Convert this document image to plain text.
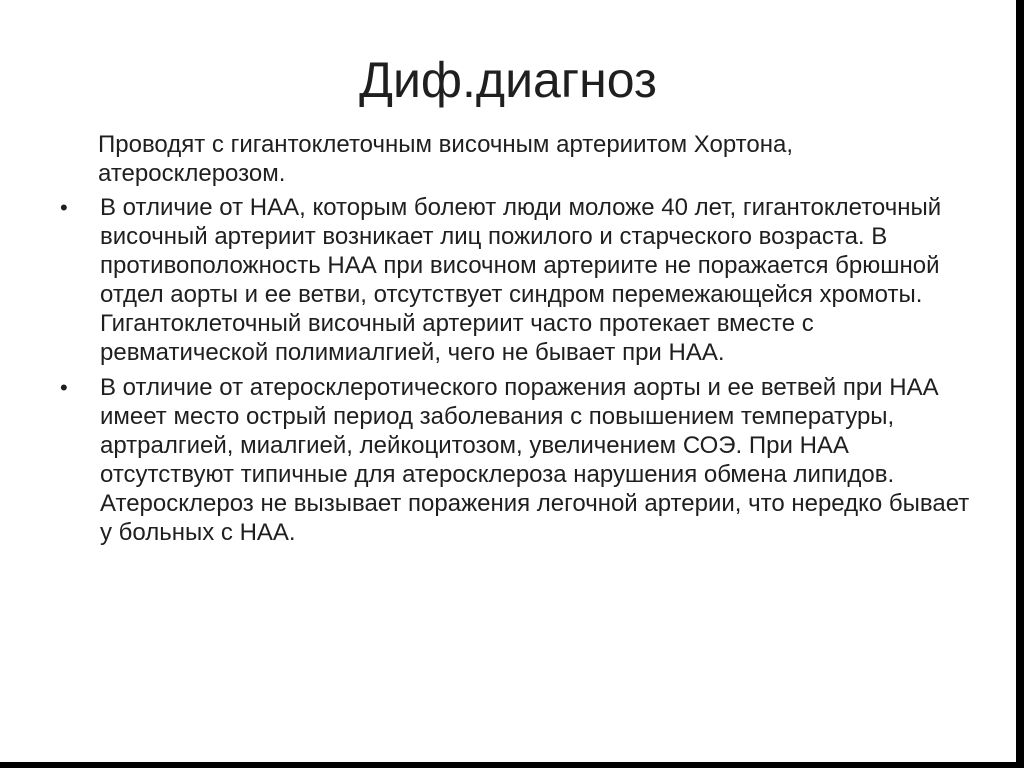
Диф.диагноз

Проводят с гигантоклеточным височным артериитом Хортона, атеросклерозом.

• В отличие от НАА, которым болеют люди моложе 40 лет, гигантоклеточный височный артериит возникает лиц пожилого и старческого возраста. В противоположность НАА при височном артериите не поражается брюшной отдел аорты и ее ветви, отсутствует синдром перемежающейся хромоты. Гигантоклеточный височный артериит часто протекает вместе с ревматической полимиалгией, чего не бывает при НАА.
• В отличие от атеросклеротического поражения аорты и ее ветвей при НАА имеет место острый период заболевания с повышением температуры, артралгией, миалгией, лейкоцитозом, увеличением СОЭ. При НАА отсутствуют типичные для атеросклероза нарушения обмена липидов. Атеросклероз не вызывает поражения легочной артерии, что нередко бывает у больных с НАА.
